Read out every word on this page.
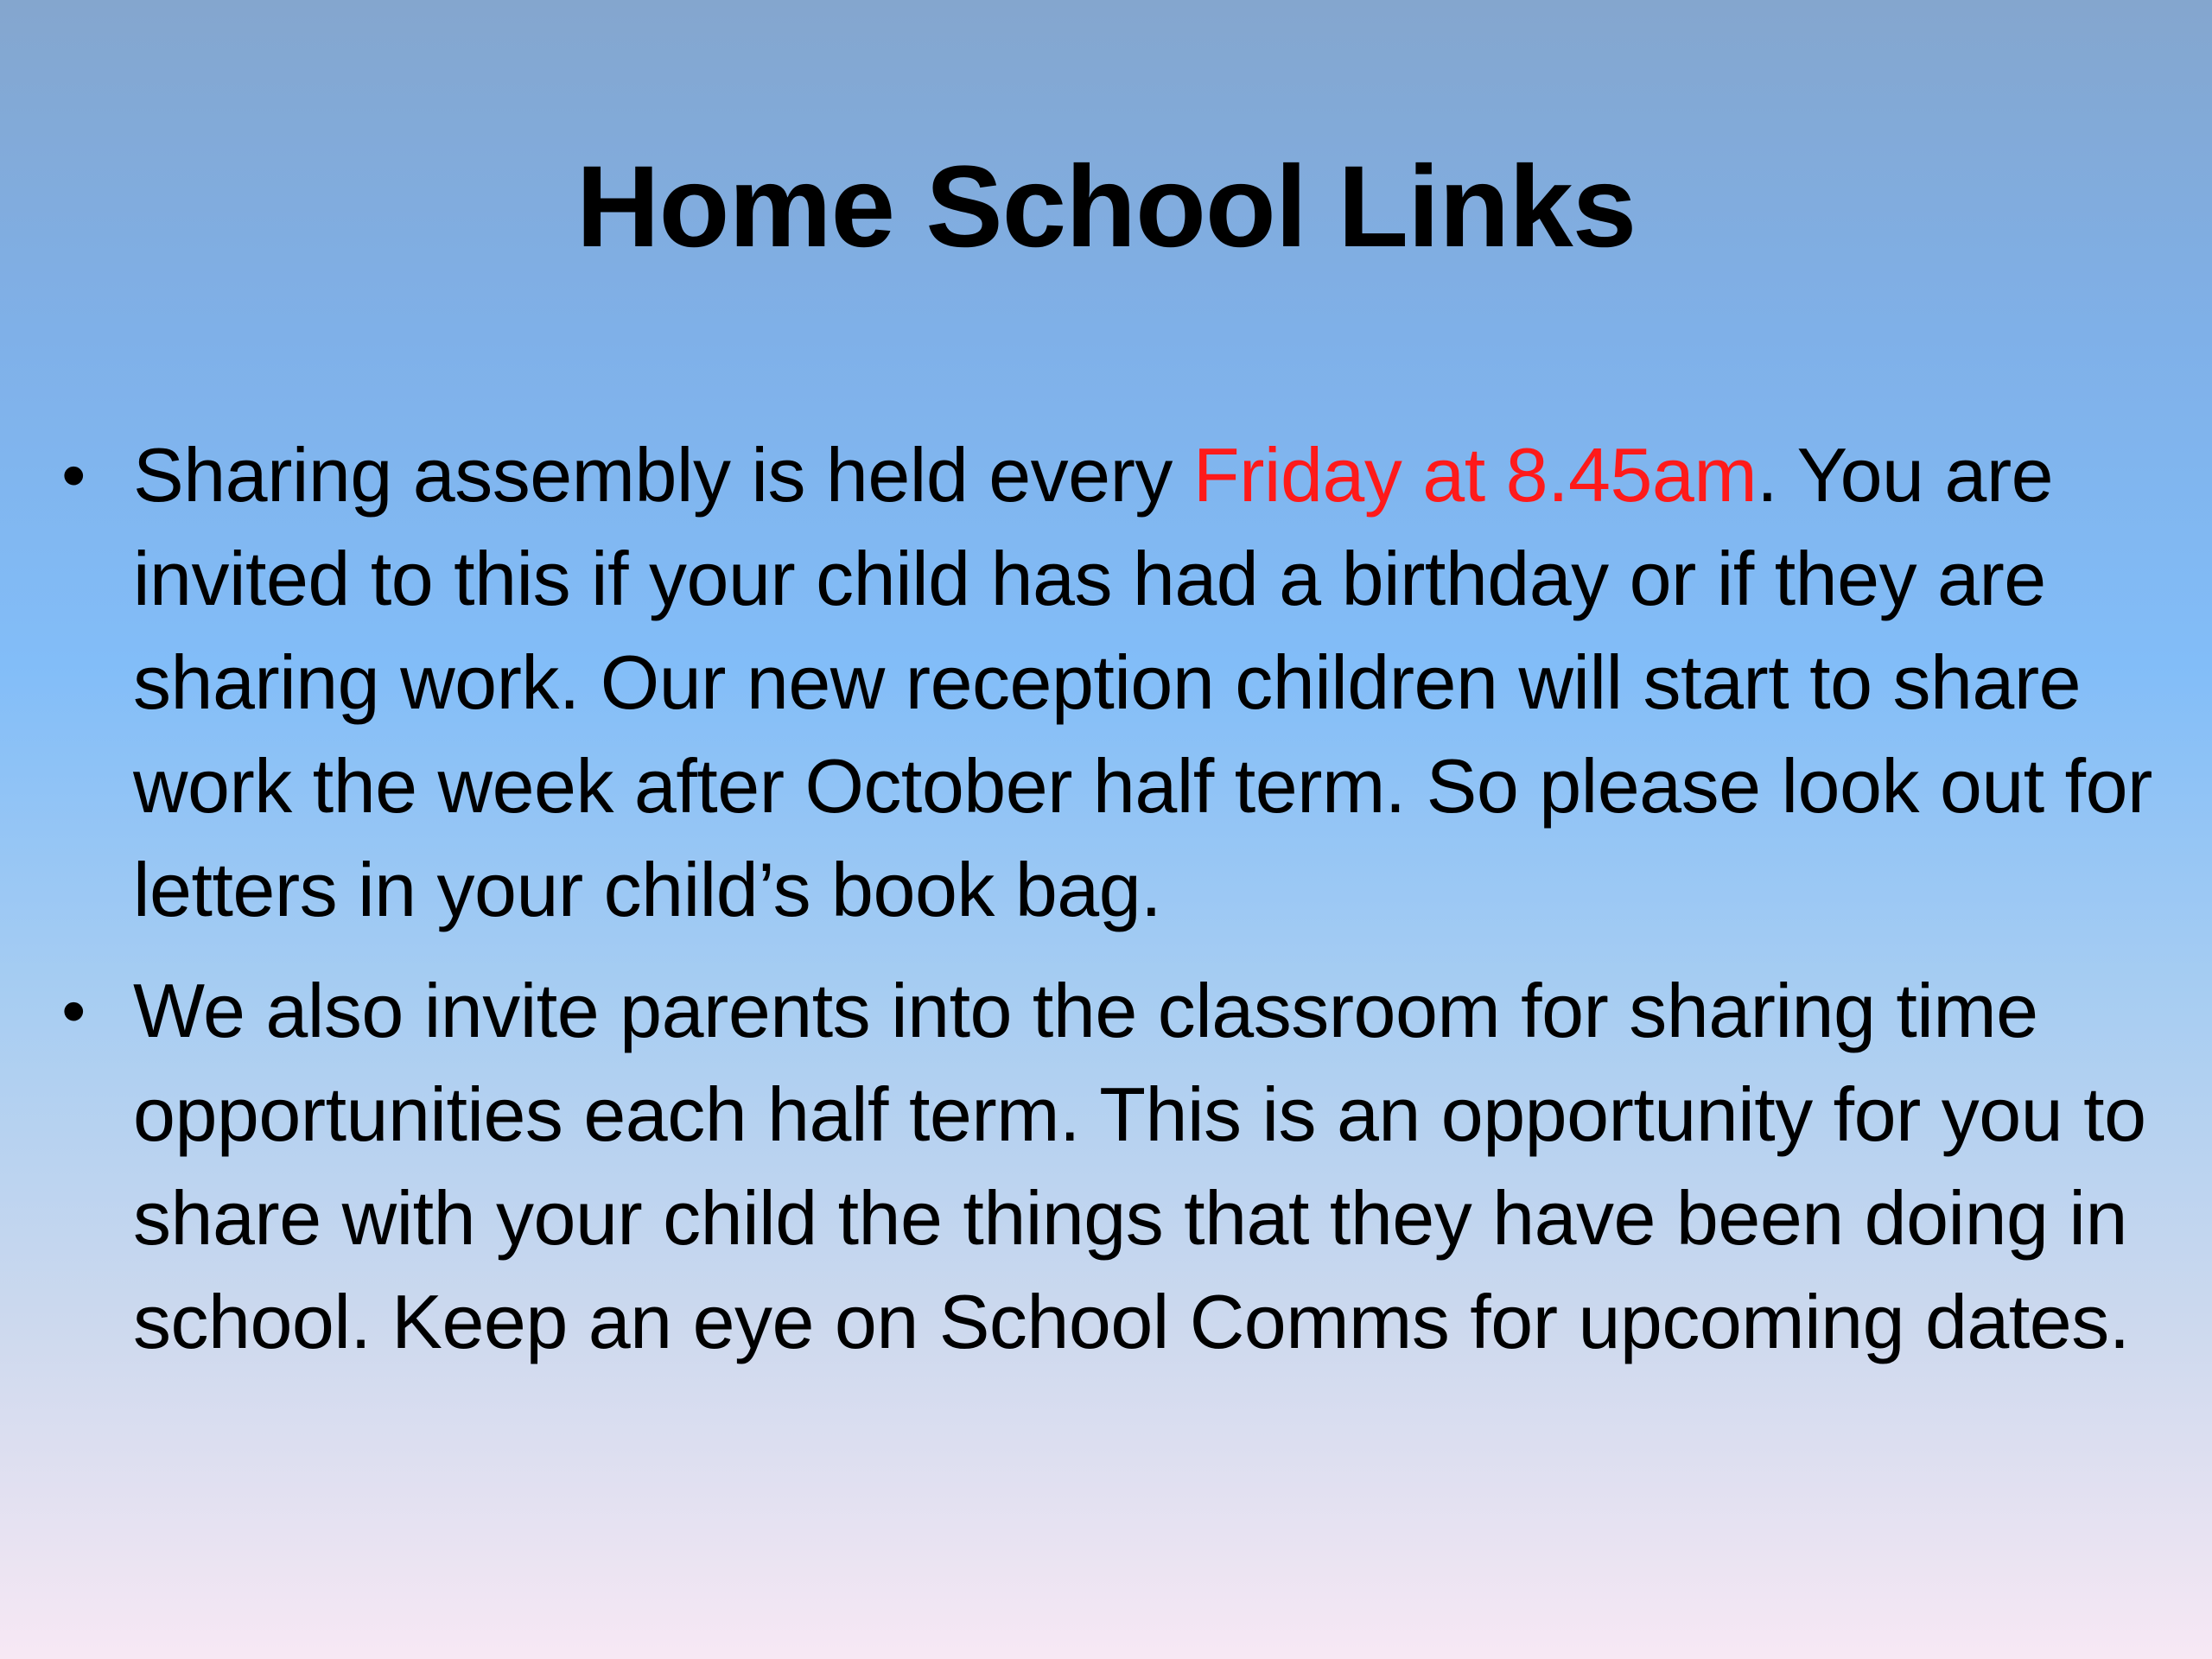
Home School Links
• Sharing assembly is held every Friday at 8.45am. You are invited to this if your child has had a birthday or if they are sharing work. Our new reception children will start to share work the week after October half term. So please look out for letters in your child’s book bag.
• We also invite parents into the classroom for sharing time opportunities each half term. This is an opportunity for you to share with your child the things that they have been doing in school. Keep an eye on School Comms for upcoming dates.
